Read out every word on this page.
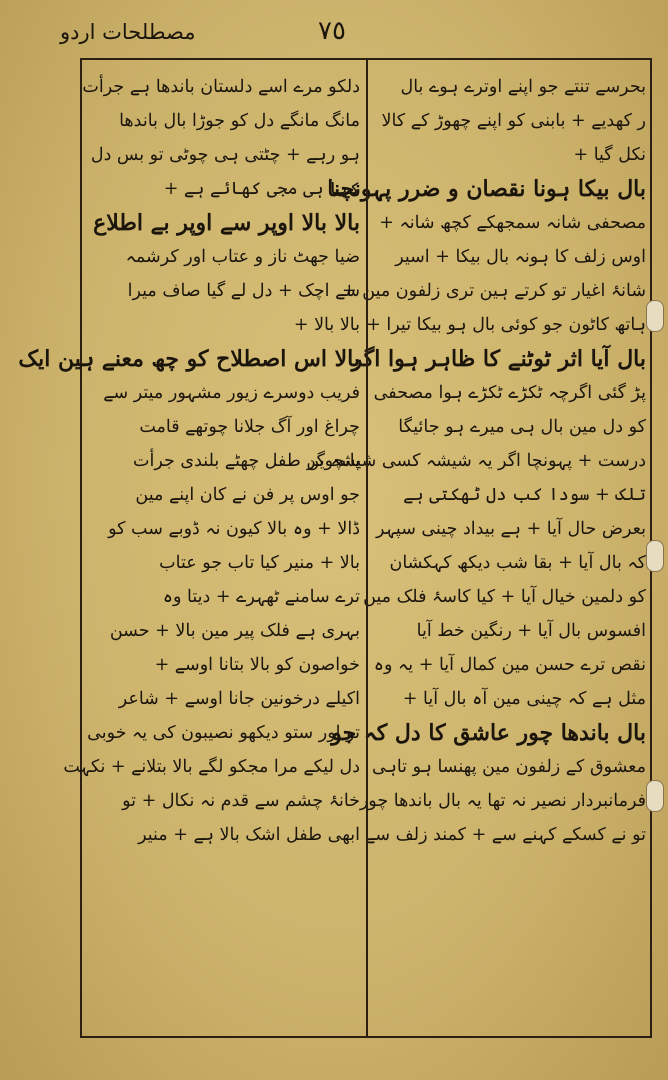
مصطلحات اردو	٧٥
بحرسے تنتے جو اپنے اوترے ہوے بال
ر کھدیے + بابنی کو اپنے چھوڑ کے کالا
نکل گیا +
بال بیکا ہونا نقصان و ضرر پہونچنا
مصحفی شانہ سمجھکے کچھ شانہ +
اوس زلف کا ہونہ بال بیکا + اسیر
شانۂ اغیار تو کرتے ہین تری زلفون مین +
ہاتھ کاٹون جو کوئی بال ہو بیکا تیرا +
بال آیا اثر ٹوٹنے کا ظاہر ہوا اگر
پڑ گئی اگرچہ ٹکڑے ٹکڑے ہوا مصحفی
کو دل مین بال ہی میرے ہو جائیگا
درست + پہونچا اگر یہ شیشہ کسی شیشہ گر
تلک + سودا کب دل ٹھکتی ہے
بعرض حال آیا + ہے بیداد چینی سپہر
کہ بال آیا + بقا شب دیکھ کہکشان
کو دلمین خیال آیا + کیا کاسۂ فلک میں
افسوس بال آیا + رنگین خط آیا
نقص ترے حسن مین کمال آیا + یہ وہ
مثل ہے کہ چینی مین آہ بال آیا +
بال باندھا چور عاشق کا دل کہ جو
معشوق کے زلفون مین پھنسا ہو تاہی
فرمانبردار نصیر نہ تھا یہ بال باندھا چور
تو نے کسکے کہنے سے + کمند زلف سے
دلکو مرے اسے دلستان باندھا ہے جرأت
مانگ مانگے دل کو جوڑا بال باندھا
ہو رہے + چٹتی ہی چوٹی تو بس دل
کیا ہی مجی کھائے ہے +
بالا بالا اوپر سے اوپر بے اطلاع
ضیا جھٹ ناز و عتاب اور کرشمہ
سے اچک + دل لے گیا صاف میرا
بالا بالا +
بالا اس اصطلاح کو چھ معنے ہین ایک
فریب دوسرے زیور مشہور میتر سے
چراغ اور آگ جلانا چوتھے قامت
پانچوین طفل چھٹے بلندی جرأت
جو اوس پر فن نے کان اپنے مین
ڈالا + وہ بالا کیون نہ ڈوبے سب کو
بالا + منیر کیا تاب جو عتاب
ترے سامنے ٹھہرے + دیتا وہ
بہری ہے فلک پیر مین بالا + حسن
خواصون کو بالا بتانا اوسے +
اکیلے درخونین جانا اوسے + شاعر
تو اور ستو دیکھو نصیبون کی یہ خوبی
دل لیکے مرا مجکو لگے بالا بتلانے + نکہت
خانۂ چشم سے قدم نہ نکال + تو
ابھی طفل اشک بالا ہے + منیر
